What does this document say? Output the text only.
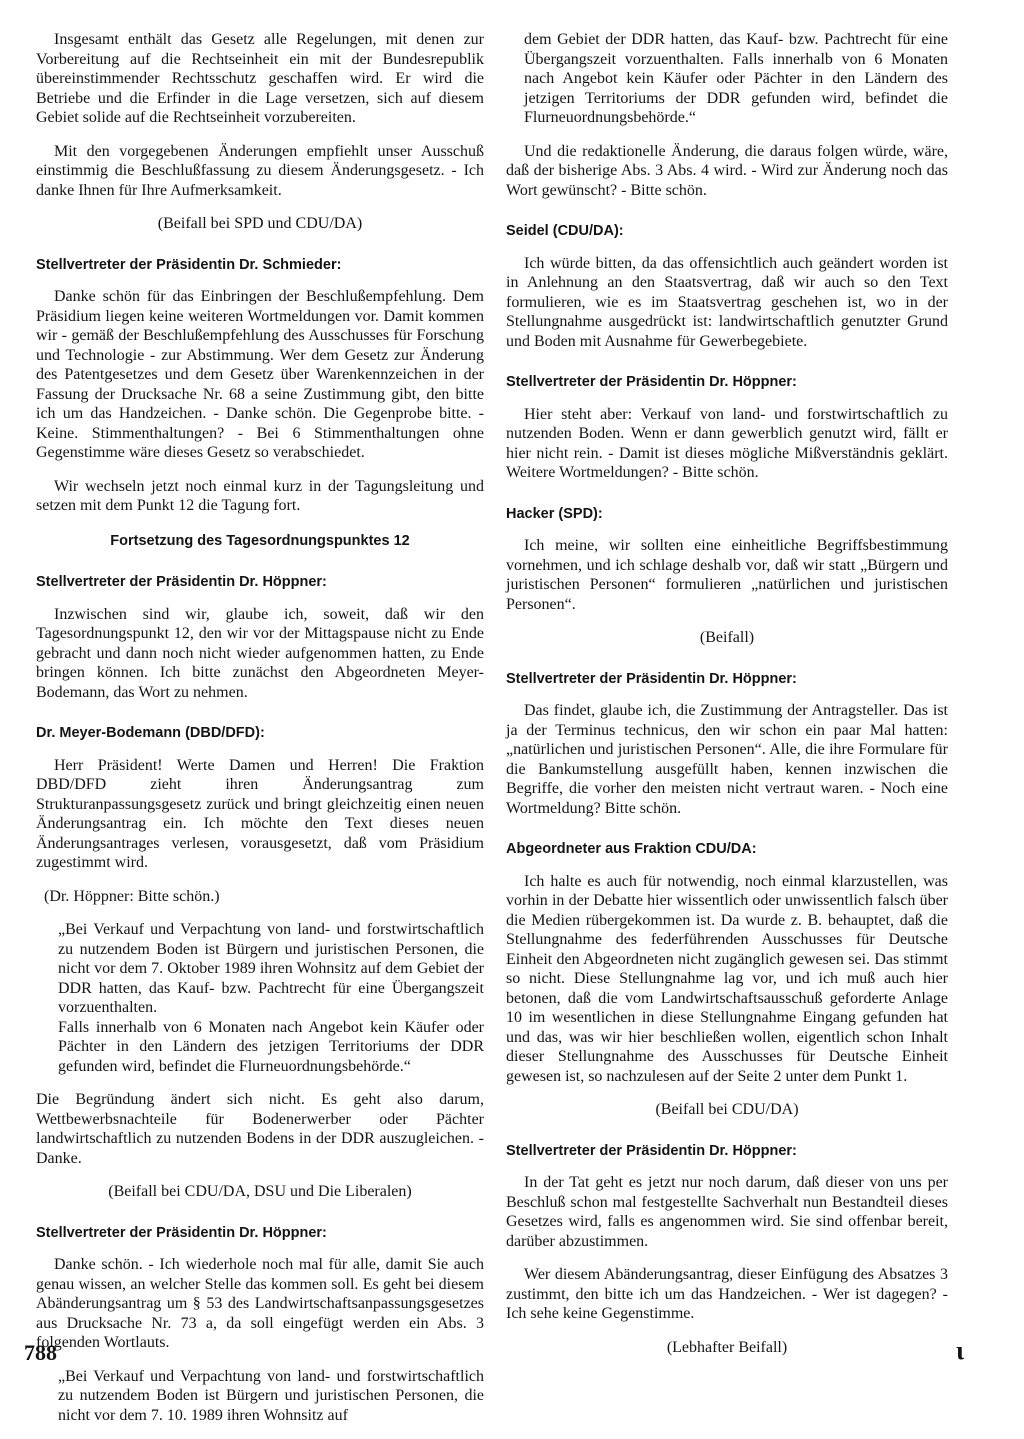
Insgesamt enthält das Gesetz alle Regelungen, mit denen zur Vorbereitung auf die Rechtseinheit ein mit der Bundesrepublik übereinstimmender Rechtsschutz geschaffen wird. Er wird die Betriebe und die Erfinder in die Lage versetzen, sich auf diesem Gebiet solide auf die Rechtseinheit vorzubereiten.

Mit den vorgegebenen Änderungen empfiehlt unser Ausschuß einstimmig die Beschlußfassung zu diesem Änderungsgesetz. - Ich danke Ihnen für Ihre Aufmerksamkeit.

(Beifall bei SPD und CDU/DA)

Stellvertreter der Präsidentin Dr. Schmieder:

Danke schön für das Einbringen der Beschlußempfehlung. Dem Präsidium liegen keine weiteren Wortmeldungen vor. Damit kommen wir - gemäß der Beschlußempfehlung des Ausschusses für Forschung und Technologie - zur Abstimmung. Wer dem Gesetz zur Änderung des Patentgesetzes und dem Gesetz über Warenkennzeichen in der Fassung der Drucksache Nr. 68 a seine Zustimmung gibt, den bitte ich um das Handzeichen. - Danke schön. Die Gegenprobe bitte. - Keine. Stimmenthaltungen? - Bei 6 Stimmenthaltungen ohne Gegenstimme wäre dieses Gesetz so verabschiedet.

Wir wechseln jetzt noch einmal kurz in der Tagungsleitung und setzen mit dem Punkt 12 die Tagung fort.

Fortsetzung des Tagesordnungspunktes 12

Stellvertreter der Präsidentin Dr. Höppner:

Inzwischen sind wir, glaube ich, soweit, daß wir den Tagesordnungspunkt 12, den wir vor der Mittagspause nicht zu Ende gebracht und dann noch nicht wieder aufgenommen hatten, zu Ende bringen können. Ich bitte zunächst den Abgeordneten Meyer-Bodemann, das Wort zu nehmen.

Dr. Meyer-Bodemann (DBD/DFD):

Herr Präsident! Werte Damen und Herren! Die Fraktion DBD/DFD zieht ihren Änderungsantrag zum Strukturanpassungsgesetz zurück und bringt gleichzeitig einen neuen Änderungsantrag ein. Ich möchte den Text dieses neuen Änderungsantrages verlesen, vorausgesetzt, daß vom Präsidium zugestimmt wird.

(Dr. Höppner: Bitte schön.)

„Bei Verkauf und Verpachtung von land- und forstwirtschaftlich zu nutzendem Boden ist Bürgern und juristischen Personen, die nicht vor dem 7. Oktober 1989 ihren Wohnsitz auf dem Gebiet der DDR hatten, das Kauf- bzw. Pachtrecht für eine Übergangszeit vorzuenthalten.
Falls innerhalb von 6 Monaten nach Angebot kein Käufer oder Pächter in den Ländern des jetzigen Territoriums der DDR gefunden wird, befindet die Flurneuordnungsbehörde.“

Die Begründung ändert sich nicht. Es geht also darum, Wettbewerbsnachteile für Bodenerwerber oder Pächter landwirtschaftlich zu nutzenden Bodens in der DDR auszugleichen. - Danke.

(Beifall bei CDU/DA, DSU und Die Liberalen)

Stellvertreter der Präsidentin Dr. Höppner:

Danke schön. - Ich wiederhole noch mal für alle, damit Sie auch genau wissen, an welcher Stelle das kommen soll. Es geht bei diesem Abänderungsantrag um § 53 des Landwirtschaftsanpassungsgesetzes aus Drucksache Nr. 73 a, da soll eingefügt werden ein Abs. 3 folgenden Wortlauts.

„Bei Verkauf und Verpachtung von land- und forstwirtschaftlich zu nutzendem Boden ist Bürgern und juristischen Personen, die nicht vor dem 7. 10. 1989 ihren Wohnsitz auf

dem Gebiet der DDR hatten, das Kauf- bzw. Pachtrecht für eine Übergangszeit vorzuenthalten. Falls innerhalb von 6 Monaten nach Angebot kein Käufer oder Pächter in den Ländern des jetzigen Territoriums der DDR gefunden wird, befindet die Flurneuordnungsbehörde.“

Und die redaktionelle Änderung, die daraus folgen würde, wäre, daß der bisherige Abs. 3 Abs. 4 wird. - Wird zur Änderung noch das Wort gewünscht? - Bitte schön.

Seidel (CDU/DA):

Ich würde bitten, da das offensichtlich auch geändert worden ist in Anlehnung an den Staatsvertrag, daß wir auch so den Text formulieren, wie es im Staatsvertrag geschehen ist, wo in der Stellungnahme ausgedrückt ist: landwirtschaftlich genutzter Grund und Boden mit Ausnahme für Gewerbegebiete.

Stellvertreter der Präsidentin Dr. Höppner:

Hier steht aber: Verkauf von land- und forstwirtschaftlich zu nutzenden Boden. Wenn er dann gewerblich genutzt wird, fällt er hier nicht rein. - Damit ist dieses mögliche Mißverständnis geklärt. Weitere Wortmeldungen? - Bitte schön.

Hacker (SPD):

Ich meine, wir sollten eine einheitliche Begriffsbestimmung vornehmen, und ich schlage deshalb vor, daß wir statt „Bürgern und juristischen Personen“ formulieren „natürlichen und juristischen Personen“.

(Beifall)

Stellvertreter der Präsidentin Dr. Höppner:

Das findet, glaube ich, die Zustimmung der Antragsteller. Das ist ja der Terminus technicus, den wir schon ein paar Mal hatten: „natürlichen und juristischen Personen“. Alle, die ihre Formulare für die Bankumstellung ausgefüllt haben, kennen inzwischen die Begriffe, die vorher den meisten nicht vertraut waren. - Noch eine Wortmeldung? Bitte schön.

Abgeordneter aus Fraktion CDU/DA:

Ich halte es auch für notwendig, noch einmal klarzustellen, was vorhin in der Debatte hier wissentlich oder unwissentlich falsch über die Medien rübergekommen ist. Da wurde z. B. behauptet, daß die Stellungnahme des federführenden Ausschusses für Deutsche Einheit den Abgeordneten nicht zugänglich gewesen sei. Das stimmt so nicht. Diese Stellungnahme lag vor, und ich muß auch hier betonen, daß die vom Landwirtschaftsausschuß geforderte Anlage 10 im wesentlichen in diese Stellungnahme Eingang gefunden hat und das, was wir hier beschließen wollen, eigentlich schon Inhalt dieser Stellungnahme des Ausschusses für Deutsche Einheit gewesen ist, so nachzulesen auf der Seite 2 unter dem Punkt 1.

(Beifall bei CDU/DA)

Stellvertreter der Präsidentin Dr. Höppner:

In der Tat geht es jetzt nur noch darum, daß dieser von uns per Beschluß schon mal festgestellte Sachverhalt nun Bestandteil dieses Gesetzes wird, falls es angenommen wird. Sie sind offenbar bereit, darüber abzustimmen.

Wer diesem Abänderungsantrag, dieser Einfügung des Absatzes 3 zustimmt, den bitte ich um das Handzeichen. - Wer ist dagegen? - Ich sehe keine Gegenstimme.

(Lebhafter Beifall)

788	ι
